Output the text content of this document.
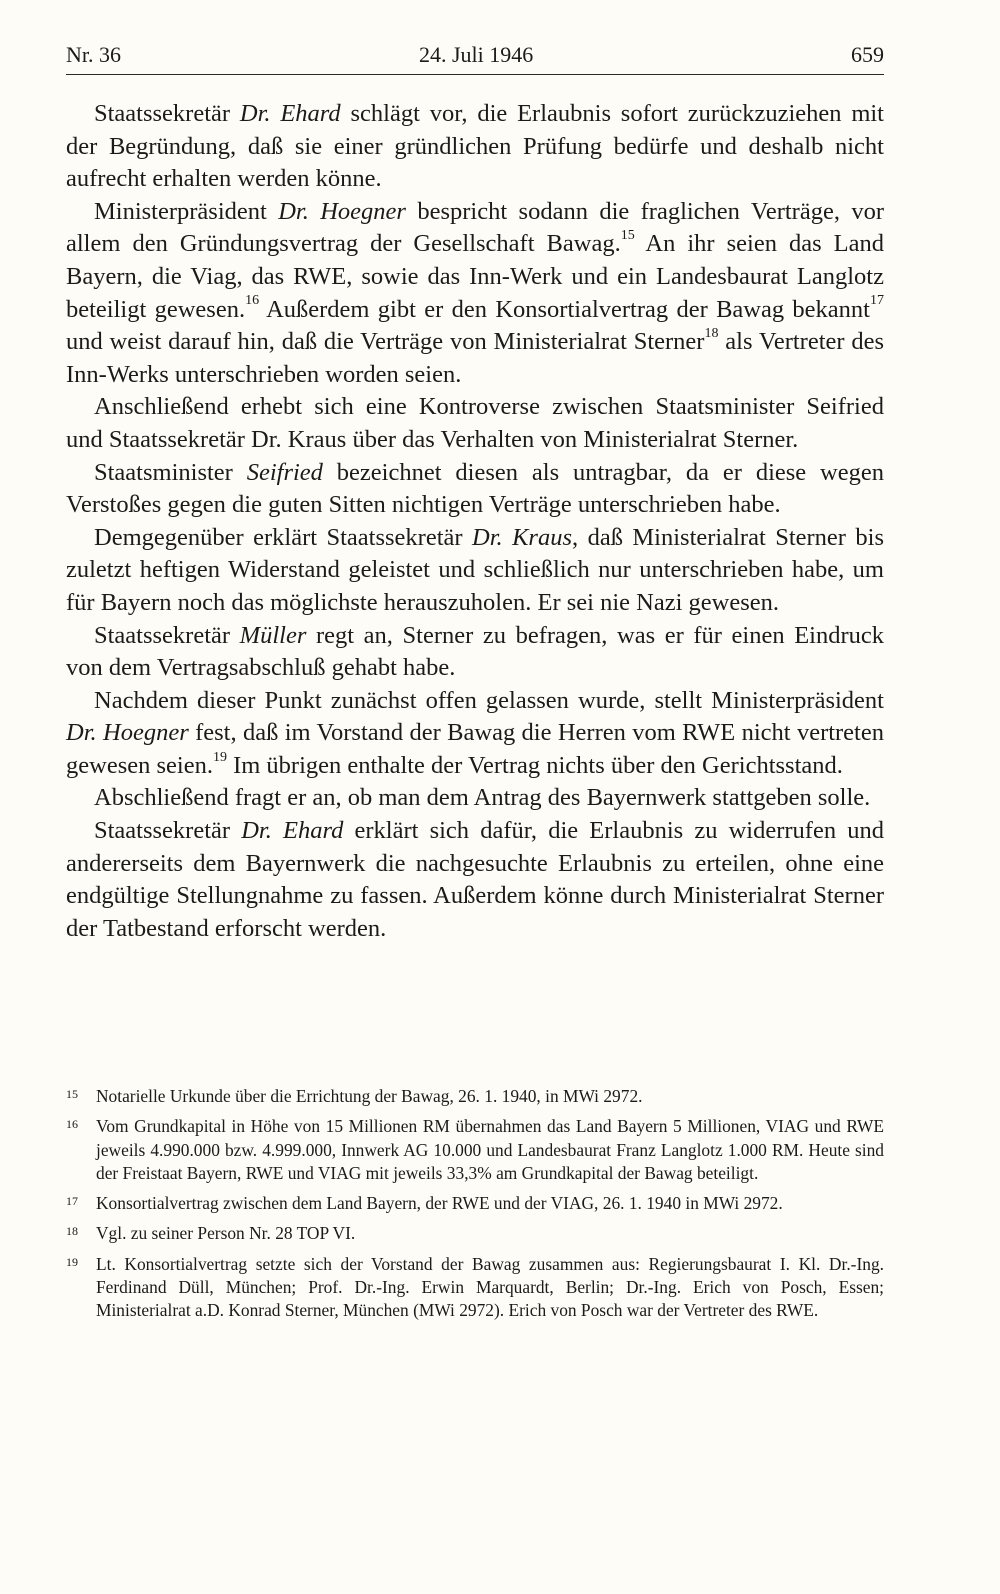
Nr. 36	24. Juli 1946	659

Staatssekretär Dr. Ehard schlägt vor, die Erlaubnis sofort zurückzuziehen mit der Begründung, daß sie einer gründlichen Prüfung bedürfe und deshalb nicht aufrecht erhalten werden könne.

Ministerpräsident Dr. Hoegner bespricht sodann die fraglichen Verträge, vor allem den Gründungsvertrag der Gesellschaft Bawag.$^{15}$ An ihr seien das Land Bayern, die Viag, das RWE, sowie das Inn-Werk und ein Landesbaurat Langlotz beteiligt gewesen.$^{16}$ Außerdem gibt er den Konsortialvertrag der Bawag bekannt$^{17}$ und weist darauf hin, daß die Verträge von Ministerialrat Sterner$^{18}$ als Vertreter des Inn-Werks unterschrieben worden seien.

Anschließend erhebt sich eine Kontroverse zwischen Staatsminister Seifried und Staatssekretär Dr. Kraus über das Verhalten von Ministerialrat Sterner.

Staatsminister Seifried bezeichnet diesen als untragbar, da er diese wegen Verstoßes gegen die guten Sitten nichtigen Verträge unterschrieben habe.

Demgegenüber erklärt Staatssekretär Dr. Kraus, daß Ministerialrat Sterner bis zuletzt heftigen Widerstand geleistet und schließlich nur unterschrieben habe, um für Bayern noch das möglichste herauszuholen. Er sei nie Nazi gewesen.

Staatssekretär Müller regt an, Sterner zu befragen, was er für einen Eindruck von dem Vertragsabschluß gehabt habe.

Nachdem dieser Punkt zunächst offen gelassen wurde, stellt Ministerpräsident Dr. Hoegner fest, daß im Vorstand der Bawag die Herren vom RWE nicht vertreten gewesen seien.$^{19}$ Im übrigen enthalte der Vertrag nichts über den Gerichtsstand.

Abschließend fragt er an, ob man dem Antrag des Bayernwerk stattgeben solle.

Staatssekretär Dr. Ehard erklärt sich dafür, die Erlaubnis zu widerrufen und andererseits dem Bayernwerk die nachgesuchte Erlaubnis zu erteilen, ohne eine endgültige Stellungnahme zu fassen. Außerdem könne durch Ministerialrat Sterner der Tatbestand erforscht werden.

15	Notarielle Urkunde über die Errichtung der Bawag, 26. 1. 1940, in MWi 2972.
16	Vom Grundkapital in Höhe von 15 Millionen RM übernahmen das Land Bayern 5 Millionen, VIAG und RWE jeweils 4.990.000 bzw. 4.999.000, Innwerk AG 10.000 und Landesbaurat Franz Langlotz 1.000 RM. Heute sind der Freistaat Bayern, RWE und VIAG mit jeweils 33,3% am Grundkapital der Bawag beteiligt.
17	Konsortialvertrag zwischen dem Land Bayern, der RWE und der VIAG, 26. 1. 1940 in MWi 2972.
18	Vgl. zu seiner Person Nr. 28 TOP VI.
19	Lt. Konsortialvertrag setzte sich der Vorstand der Bawag zusammen aus: Regierungsbaurat I. Kl. Dr.-Ing. Ferdinand Düll, München; Prof. Dr.-Ing. Erwin Marquardt, Berlin; Dr.-Ing. Erich von Posch, Essen; Ministerialrat a.D. Konrad Sterner, München (MWi 2972). Erich von Posch war der Vertreter des RWE.
